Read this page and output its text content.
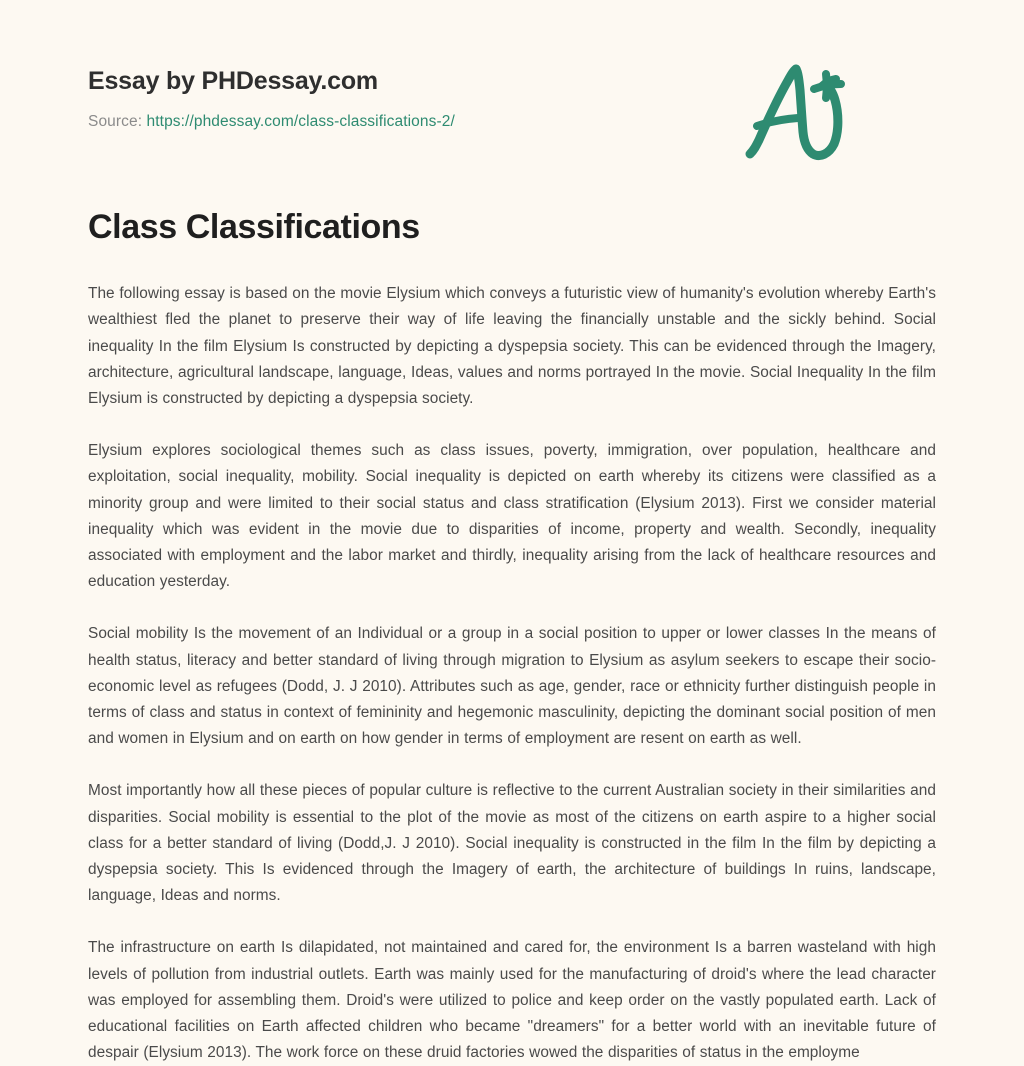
Essay by PHDessay.com
Source: https://phdessay.com/class-classifications-2/
Class Classifications

The following essay is based on the movie Elysium which conveys a futuristic view of humanity's evolution whereby Earth's wealthiest fled the planet to preserve their way of life leaving the financially unstable and the sickly behind. Social inequality In the film Elysium Is constructed by depicting a dyspepsia society. This can be evidenced through the Imagery, architecture, agricultural landscape, language, Ideas, values and norms portrayed In the movie. Social Inequality In the film Elysium is constructed by depicting a dyspepsia society.

Elysium explores sociological themes such as class issues, poverty, immigration, over population, healthcare and exploitation, social inequality, mobility. Social inequality is depicted on earth whereby its citizens were classified as a minority group and were limited to their social status and class stratification (Elysium 2013). First we consider material inequality which was evident in the movie due to disparities of income, property and wealth. Secondly, inequality associated with employment and the labor market and thirdly, inequality arising from the lack of healthcare resources and education yesterday.

Social mobility Is the movement of an Individual or a group in a social position to upper or lower classes In the means of health status, literacy and better standard of living through migration to Elysium as asylum seekers to escape their socio-economic level as refugees (Dodd, J. J 2010). Attributes such as age, gender, race or ethnicity further distinguish people in terms of class and status in context of femininity and hegemonic masculinity, depicting the dominant social position of men and women in Elysium and on earth on how gender in terms of employment are resent on earth as well.

Most importantly how all these pieces of popular culture is reflective to the current Australian society in their similarities and disparities. Social mobility is essential to the plot of the movie as most of the citizens on earth aspire to a higher social class for a better standard of living (Dodd,J. J 2010). Social inequality is constructed in the film In the film by depicting a dyspepsia society. This Is evidenced through the Imagery of earth, the architecture of buildings In ruins, landscape, language, Ideas and norms.

The infrastructure on earth Is dilapidated, not maintained and cared for, the environment Is a barren wasteland with high levels of pollution from industrial outlets. Earth was mainly used for the manufacturing of droid's where the lead character was employed for assembling them. Droid's were utilized to police and keep order on the vastly populated earth. Lack of educational facilities on Earth affected children who became "dreamers" for a better world with an inevitable future of despair (Elysium 2013). The work force on these druid factories wowed the disparities of status in the employme
